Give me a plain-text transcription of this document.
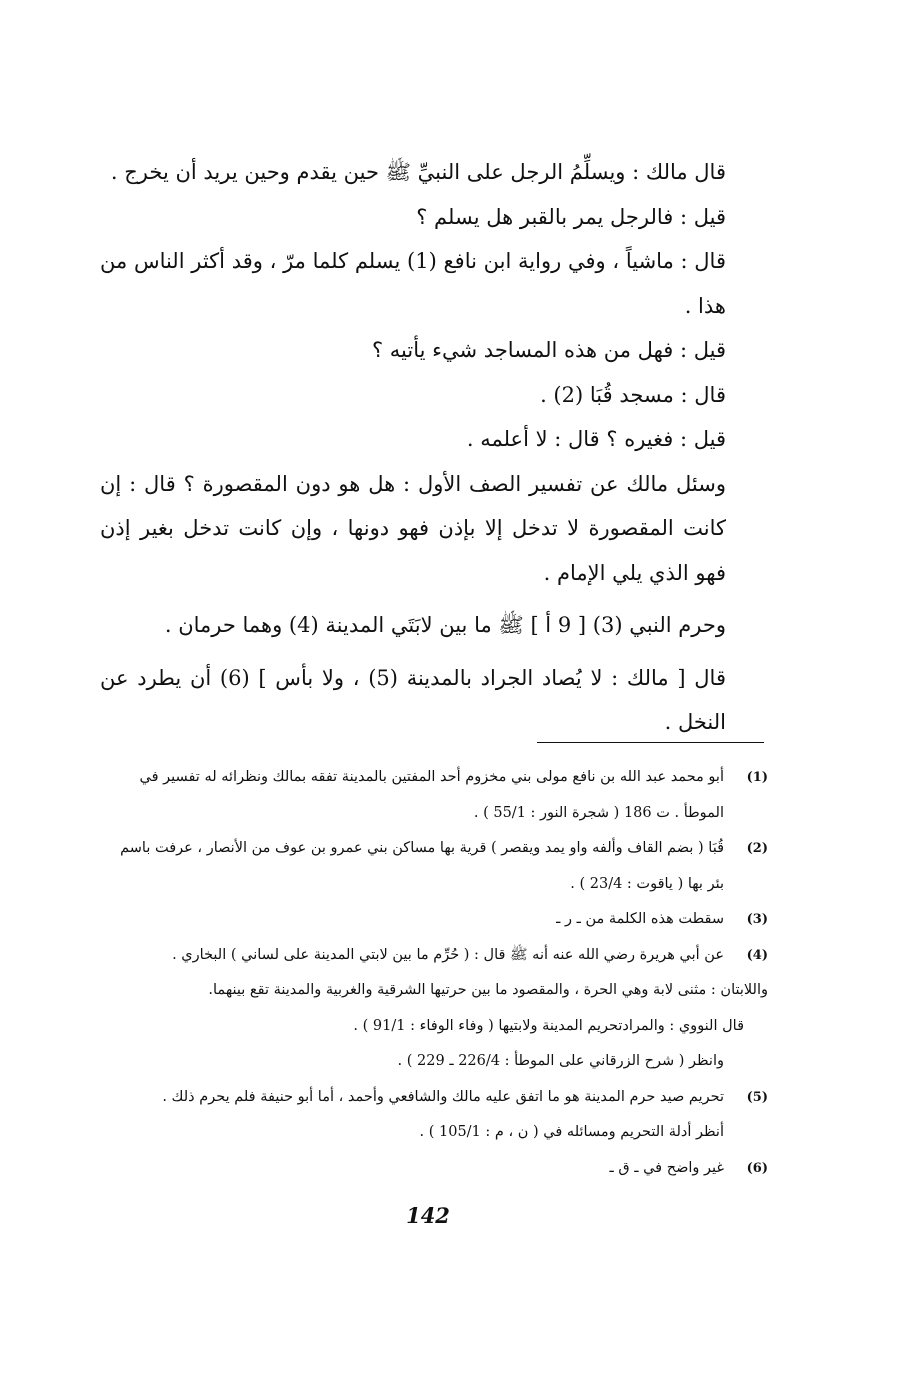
قال مالك : ويسلِّمُ الرجل على النبيِّ ﷺ حين يقدم وحين يريد أن يخرج .

قيل : فالرجل يمر بالقبر هل يسلم ؟

قال : ماشياً ، وفي رواية ابن نافع (1) يسلم كلما مرّ ، وقد أكثر الناس من هذا .

قيل : فهل من هذه المساجد شيء يأتيه ؟

قال : مسجد قُبَا (2) .

قيل : فغيره ؟ قال : لا أعلمه .

وسئل مالك عن تفسير الصف الأول : هل هو دون المقصورة ؟ قال : إن كانت المقصورة لا تدخل إلا بإذن فهو دونها ، وإن كانت تدخل بغير إذن فهو الذي يلي الإمام .

وحرم النبي (3) [ 9 أ ] ﷺ ما بين لابَتَي المدينة (4) وهما حرمان .

قال [ مالك : لا يُصاد الجراد بالمدينة (5) ، ولا بأس ] (6) أن يطرد عن النخل .

(1)
أبو محمد عبد الله بن نافع مولى بني مخزوم أحد المفتين بالمدينة تفقه بمالك ونظرائه له تفسير في الموطأ . ت 186 ( شجرة النور : 55/1 ) .
(2)
قُبَا ( بضم القاف وألفه واو يمد ويقصر ) قرية بها مساكن بني عمرو بن عوف من الأنصار ، عرفت باسم بئر بها ( ياقوت : 23/4 ) .
(3)
سقطت هذه الكلمة من ـ ر ـ
(4)
عن أبي هريرة رضي الله عنه أنه ﷺ قال : ( حُرِّم ما بين لابتي المدينة على لساني ) البخاري .
واللابتان : مثنى لابة وهي الحرة ، والمقصود ما بين حرتيها الشرقية والغربية والمدينة تقع بينهما.
قال النووي : والمرادتحريم المدينة ولابتيها ( وفاء الوفاء : 91/1 ) .
وانظر ( شرح الزرقاني على الموطأ : 226/4 ـ 229 ) .
(5)
تحريم صيد حرم المدينة هو ما اتفق عليه مالك والشافعي وأحمد ، أما أبو حنيفة فلم يحرم ذلك .
أنظر أدلة التحريم ومسائله في ( ن ، م : 105/1 ) .
(6)
غير واضح في ـ ق ـ
142
